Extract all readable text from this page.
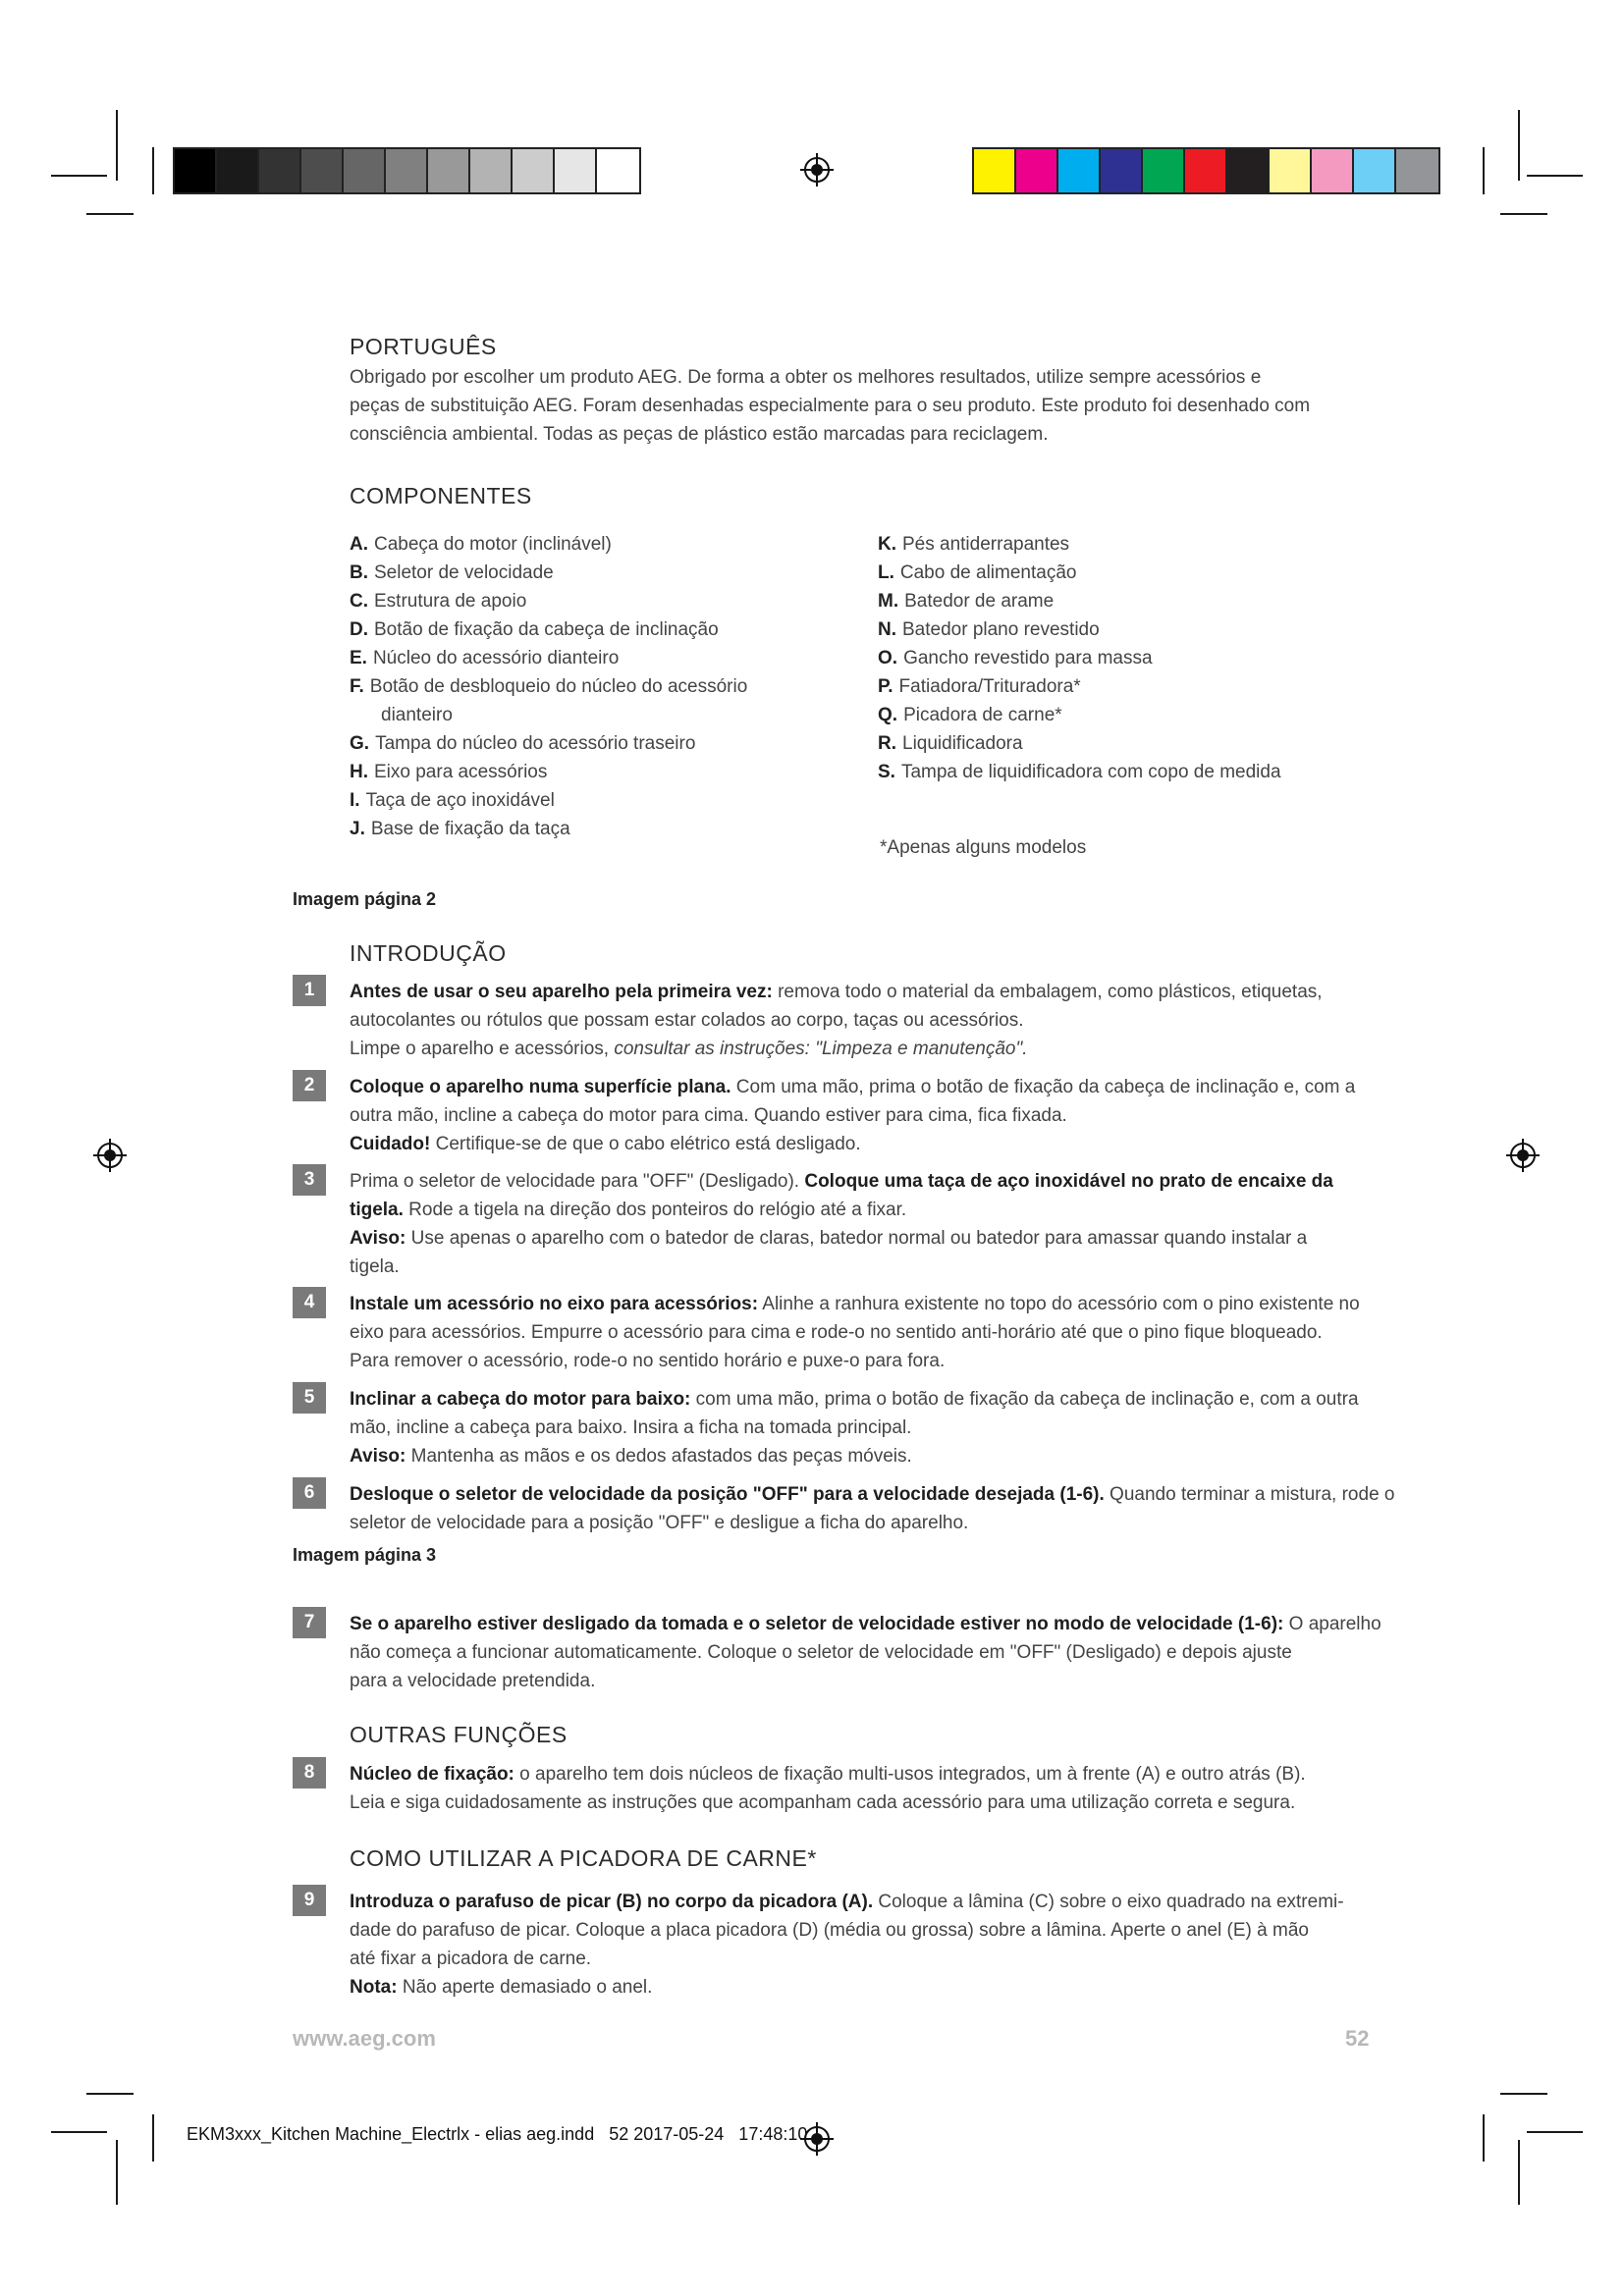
PORTUGUÊS

Obrigado por escolher um produto AEG. De forma a obter os melhores resultados, utilize sempre acessórios e

peças de substituição AEG. Foram desenhadas especialmente para o seu produto. Este produto foi desenhado com

consciência ambiental. Todas as peças de plástico estão marcadas para reciclagem.

COMPONENTES
A. Cabeça do motor (inclinável)
B. Seletor de velocidade
C. Estrutura de apoio
D. Botão de fixação da cabeça de inclinação
E. Núcleo do acessório dianteiro
F. Botão de desbloqueio do núcleo do acessório
dianteiro
G. Tampa do núcleo do acessório traseiro
H. Eixo para acessórios
I. Taça de aço inoxidável
J. Base de fixação da taça
K. Pés antiderrapantes
L. Cabo de alimentação
M. Batedor de arame
N. Batedor plano revestido
O. Gancho revestido para massa
P. Fatiadora/Trituradora*
Q. Picadora de carne*
R. Liquidificadora
S. Tampa de liquidificadora com copo de medida
*Apenas alguns modelos
Imagem página 2
INTRODUÇÃO
1	Antes de usar o seu aparelho pela primeira vez: remova todo o material da embalagem, como plásticos, etiquetas,

autocolantes ou rótulos que possam estar colados ao corpo, taças ou acessórios.

Limpe o aparelho e acessórios, consultar as instruções: "Limpeza e manutenção".

2	Coloque o aparelho numa superfície plana. Com uma mão, prima o botão de fixação da cabeça de inclinação e, com a

outra mão, incline a cabeça do motor para cima. Quando estiver para cima, fica fixada.

Cuidado! Certifique-se de que o cabo elétrico está desligado.

3	Prima o seletor de velocidade para "OFF" (Desligado). Coloque uma taça de aço inoxidável no prato de encaixe da

tigela. Rode a tigela na direção dos ponteiros do relógio até a fixar.

Aviso: Use apenas o aparelho com o batedor de claras, batedor normal ou batedor para amassar quando instalar a

tigela.

4	Instale um acessório no eixo para acessórios: Alinhe a ranhura existente no topo do acessório com o pino existente no

eixo para acessórios. Empurre o acessório para cima e rode-o no sentido anti-horário até que o pino fique bloqueado.

Para remover o acessório, rode-o no sentido horário e puxe-o para fora.

5	Inclinar a cabeça do motor para baixo: com uma mão, prima o botão de fixação da cabeça de inclinação e, com a outra

mão, incline a cabeça para baixo. Insira a ficha na tomada principal.

Aviso: Mantenha as mãos e os dedos afastados das peças móveis.

6	Desloque o seletor de velocidade da posição "OFF" para a velocidade desejada (1-6). Quando terminar a mistura, rode o

seletor de velocidade para a posição "OFF" e desligue a ficha do aparelho.

Imagem página 3
7	Se o aparelho estiver desligado da tomada e o seletor de velocidade estiver no modo de velocidade (1-6): O aparelho

não começa a funcionar automaticamente. Coloque o seletor de velocidade em "OFF" (Desligado) e depois ajuste

para a velocidade pretendida.

OUTRAS FUNÇÕES
8	Núcleo de fixação: o aparelho tem dois núcleos de fixação multi-usos integrados, um à frente (A) e outro atrás (B).

Leia e siga cuidadosamente as instruções que acompanham cada acessório para uma utilização correta e segura.

COMO UTILIZAR A PICADORA DE CARNE*
9	Introduza o parafuso de picar (B) no corpo da picadora (A). Coloque a lâmina (C) sobre o eixo quadrado na extremi-

dade do parafuso de picar. Coloque a placa picadora (D) (média ou grossa) sobre a lâmina. Aperte o anel (E) à mão

até fixar a picadora de carne.

Nota: Não aperte demasiado o anel.

www.aeg.com	52
EKM3xxx_Kitchen Machine_Electrlx - elias aeg.indd   52 2017-05-24   17:48:10
